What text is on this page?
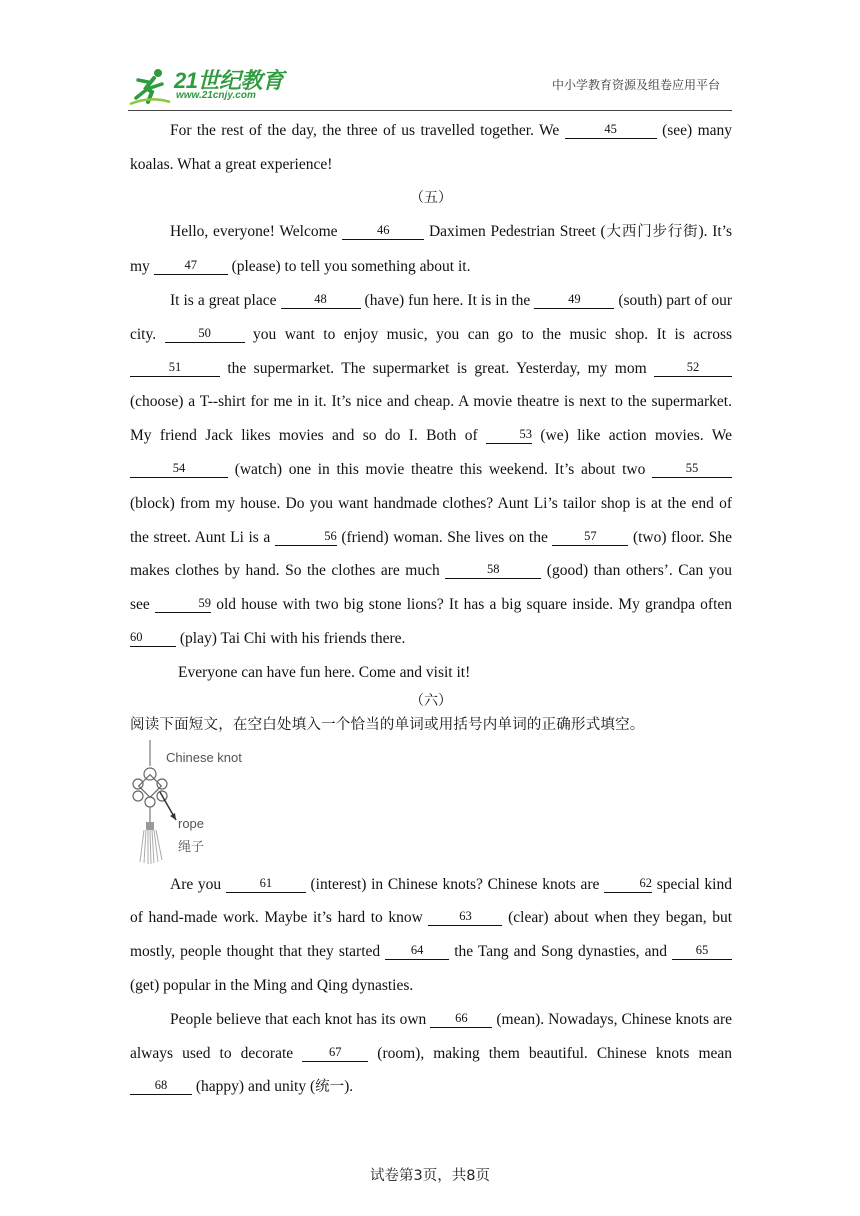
21世纪教育
www.21cnjy.com
中小学教育资源及组卷应用平台

For the rest of the day, the three of us travelled together. We	45	(see) many koalas. What a great experience!

（五）

Hello, everyone! Welcome	46	Daximen Pedestrian Street (大西门步行街). It’s my	47 (please) to tell you something about it.

It is a great place	48 (have) fun here. It is in the	49 (south) part of our city.	50	you want to enjoy music, you can go to the music shop. It is across 51	the supermarket. The supermarket is great. Yesterday, my mom	52 (choose) a T--shirt for me in it. It’s nice and cheap. A movie theatre is next to the supermarket. My friend Jack likes movies and so do I. Both of	53 (we) like action movies. We 54	(watch) one in this movie theatre this weekend. It’s about two	55 (block) from my house. Do you want handmade clothes? Aunt Li’s tailor shop is at the end of the street. Aunt Li is a	56 (friend) woman. She lives on the	57 (two) floor. She makes clothes by hand. So the clothes are much	58	(good) than others’. Can you see	59 old house with two big stone lions? It has a big square inside. My grandpa often 60 (play) Tai Chi with his friends there.

Everyone can have fun here. Come and visit it!

（六）
阅读下面短文，在空白处填入一个恰当的单词或用括号内单词的正确形式填空。
Chinese knot
rope
绳子

Are you	61 (interest) in Chinese knots? Chinese knots are	62 special kind of hand-made work. Maybe it’s hard to know	63 (clear) about when they began, but mostly, people thought that they started 64 the Tang and Song dynasties, and 65 (get) popular in the Ming and Qing dynasties.

People believe that each knot has its own 66 (mean). Nowadays, Chinese knots are always used to decorate	67 (room), making them beautiful. Chinese knots mean 68 (happy) and unity (统一).

试卷第3页，共8页
